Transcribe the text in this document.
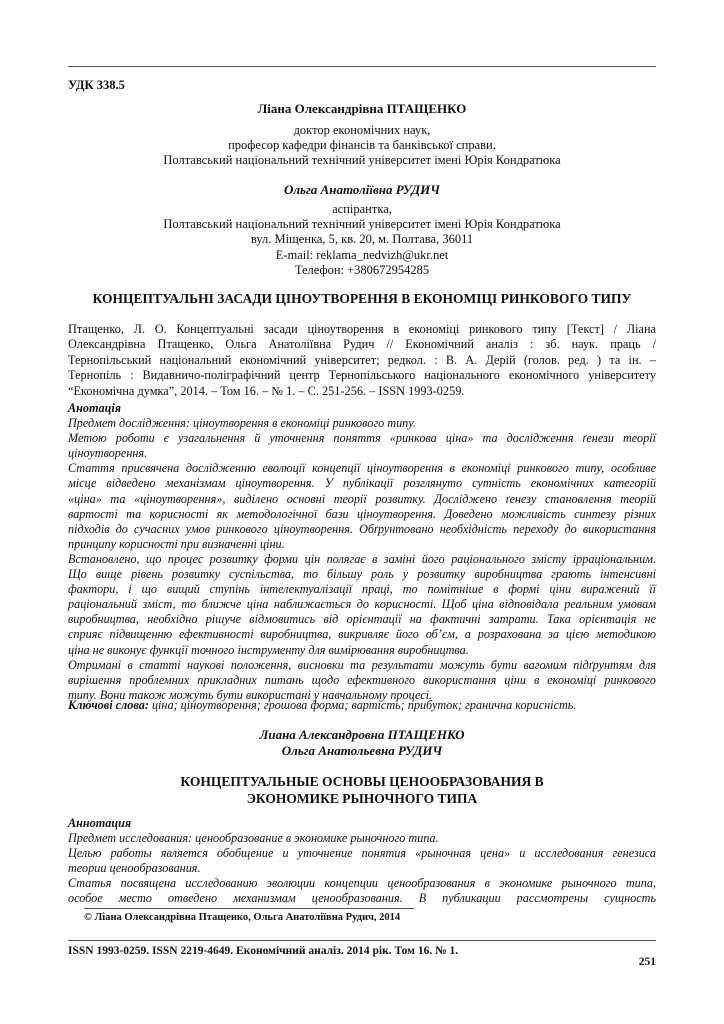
УДК 338.5
Ліана Олександрівна ПТАЩЕНКО
доктор економічних наук,
професор кафедри фінансів та банківської справи,
Полтавський національний технічний університет імені Юрія Кондратюка
Ольга Анатоліївна РУДИЧ
аспірантка,
Полтавський національний технічний університет імені Юрія Кондратюка
вул. Міщенка, 5, кв. 20, м. Полтава, 36011
E-mail: reklama_nedvizh@ukr.net
Телефон: +380672954285
КОНЦЕПТУАЛЬНІ ЗАСАДИ ЦІНОУТВОРЕННЯ В ЕКОНОМІЦІ РИНКОВОГО ТИПУ
Птащенко, Л. О. Концептуальні засади ціноутворення в економіці ринкового типу [Текст] / Ліана
Олександрівна Птащенко, Ольга Анатоліївна Рудич // Економічний аналіз : зб. наук. праць /
Тернопільський національний економічний університет; редкол. : В. А. Дерій (голов. ред. ) та ін. –
Тернопіль : Видавничо-поліграфічний центр Тернопільського національного економічного університету
“Економічна думка”, 2014. – Том 16. – № 1. – С. 251-256. – ISSN 1993-0259.
Анотація
Предмет дослідження: ціноутворення в економіці ринкового типу.
Метою роботи є узагальнення й уточнення поняття «ринкова ціна» та дослідження ґенези теорії
ціноутворення.
Стаття присвячена дослідженню еволюції концепції ціноутворення в економіці ринкового типу, особливе
місце відведено механізмам ціноутворення. У публікації розглянуто сутність економічних категорій
«ціна» та «ціноутворення», виділено основні теорії розвитку. Досліджено ґенезу становлення теорій
вартості та корисності як методологічної бази ціноутворення. Доведено можливість синтезу різних
підходів до сучасних умов ринкового ціноутворення. Обґрунтовано необхідність переходу до використання
принципу корисності при визначенні ціни.
Встановлено, що процес розвитку форми цін полягає в заміні його раціонального змісту ірраціональним.
Що вище рівень розвитку суспільства, то більшу роль у розвитку виробництва грають інтенсивні
фактори, і що вищий ступінь інтелектуалізації праці, то помітніше в формі ціни виражений її
раціональний зміст, то ближче ціна наближається до корисності. Щоб ціна відповідала реальним умовам
виробництва, необхідно рішуче відмовитись від орієнтації на фактичні затрати. Така орієнтація не
сприяє підвищенню ефективності виробництва, викривляє його об’єм, а розрахована за цією методикою
ціна не виконує функції точного інструменту для вимірювання виробництва.
Отримані в статті наукові положення, висновки та результати можуть бути вагомим підґрунтям для
вирішення проблемних прикладних питань щодо ефективного використання ціни в економіці ринкового
типу. Вони також можуть бути використані у навчальному процесі.
Ключові слова: ціна; ціноутворення; грошова форма; вартість; прибуток; гранична корисність.
Лиана Александровна ПТАЩЕНКО
Ольга Анатольевна РУДИЧ
КОНЦЕПТУАЛЬНЫЕ ОСНОВЫ ЦЕНООБРАЗОВАНИЯ В
ЭКОНОМИКЕ РЫНОЧНОГО ТИПА
Аннотация
Предмет исследования: ценообразование в экономике рыночного типа.
Целью работы является обобщение и уточнение понятия «рыночная цена» и исследования генезиса
теории ценообразования.
Статья посвящена исследованию эволюции концепции ценообразования в экономике рыночного типа,
особое место отведено механизмам ценообразования. В публикации рассмотрены сущность
© Ліана Олександрівна Птащенко, Ольга Анатоліївна Рудич, 2014
ISSN 1993-0259. ISSN 2219-4649. Економічний аналіз. 2014 рік. Том 16. № 1.
251
